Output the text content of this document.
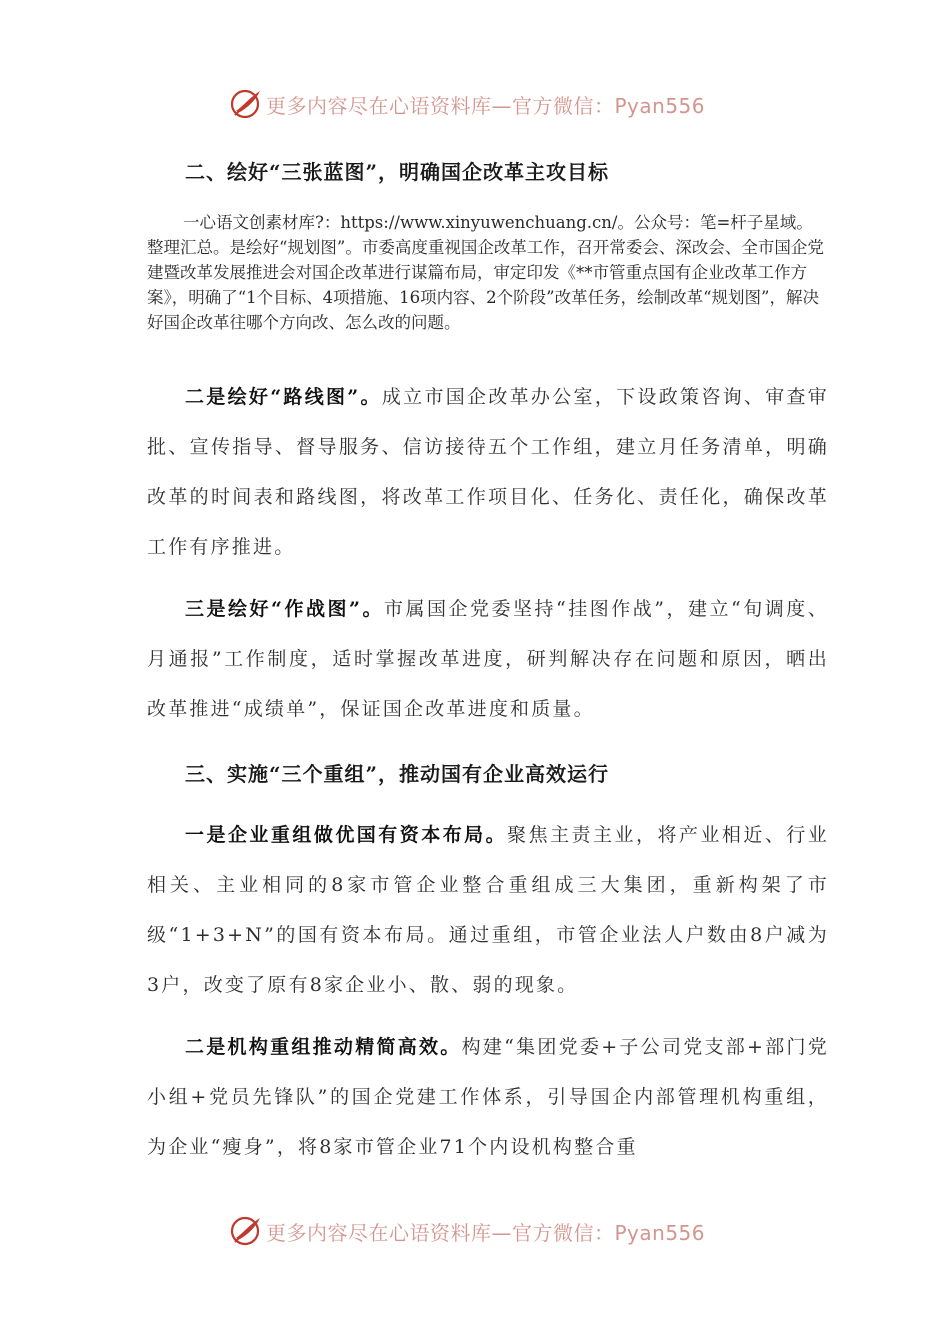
更多内容尽在心语资料库—官方微信：Pyan556
二、绘好“三张蓝图”，明确国企改革主攻目标
一心语文创素材库?：https://www.xinyuwenchuang.cn/。公众号：笔=杆子星域。整理汇总。是绘好“规划图”。市委高度重视国企改革工作，召开常委会、深改会、全市国企党建暨改革发展推进会对国企改革进行谋篇布局，审定印发《**市管重点国有企业改革工作方案》，明确了“1个目标、4项措施、16项内容、2个阶段”改革任务，绘制改革“规划图”，解决好国企改革往哪个方向改、怎么改的问题。
二是绘好“路线图”。成立市国企改革办公室，下设政策咨询、审查审批、宣传指导、督导服务、信访接待五个工作组，建立月任务清单，明确改革的时间表和路线图，将改革工作项目化、任务化、责任化，确保改革工作有序推进。
三是绘好“作战图”。市属国企党委坚持“挂图作战”，建立“旬调度、月通报”工作制度，适时掌握改革进度，研判解决存在问题和原因，晒出改革推进“成绩单”，保证国企改革进度和质量。
三、实施“三个重组”，推动国有企业高效运行
一是企业重组做优国有资本布局。聚焦主责主业，将产业相近、行业相关、主业相同的8家市管企业整合重组成三大集团，重新构架了市级“1+3+N”的国有资本布局。通过重组，市管企业法人户数由8户减为3户，改变了原有8家企业小、散、弱的现象。
二是机构重组推动精简高效。构建“集团党委+子公司党支部+部门党小组+党员先锋队”的国企党建工作体系，引导国企内部管理机构重组，为企业“瘦身”，将8家市管企业71个内设机构整合重
更多内容尽在心语资料库—官方微信：Pyan556
